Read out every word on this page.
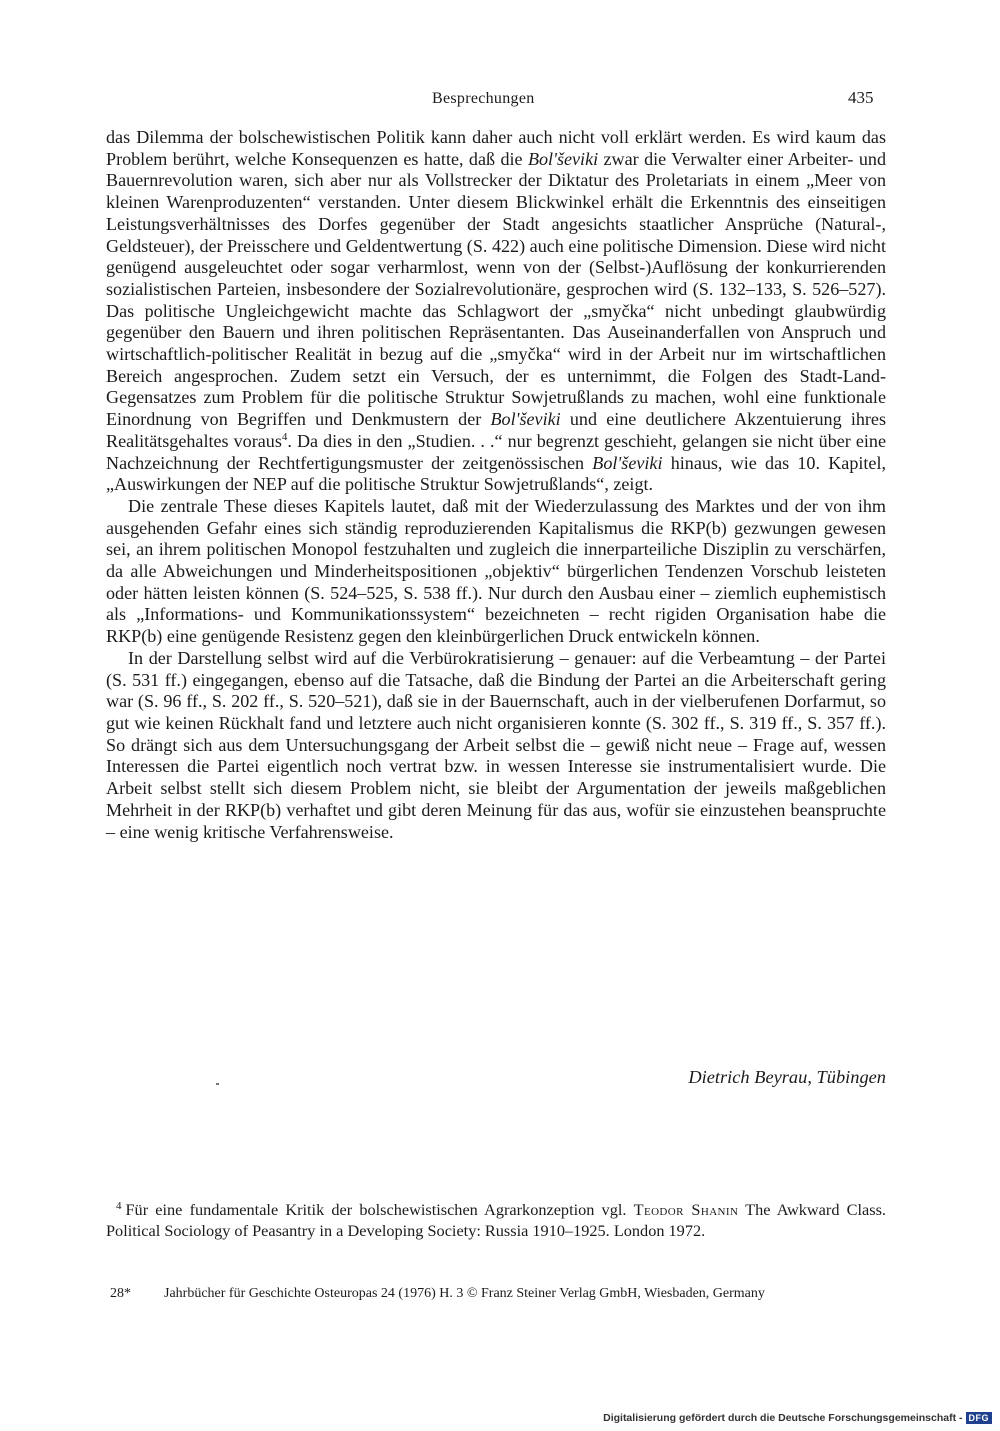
Besprechungen	435

das Dilemma der bolschewistischen Politik kann daher auch nicht voll erklärt werden. Es wird kaum das Problem berührt, welche Konsequenzen es hatte, daß die Bol'ševiki zwar die Verwalter einer Arbeiter- und Bauernrevolution waren, sich aber nur als Vollstrecker der Diktatur des Proletariats in einem „Meer von kleinen Warenproduzenten“ verstanden. Unter diesem Blickwinkel erhält die Erkenntnis des einseitigen Leistungsverhältnisses des Dorfes gegenüber der Stadt angesichts staatlicher Ansprüche (Natural-, Geldsteuer), der Preisschere und Geldentwertung (S. 422) auch eine politische Dimension. Diese wird nicht genügend ausgeleuchtet oder sogar verharmlost, wenn von der (Selbst-)Auflösung der konkurrierenden sozialistischen Parteien, insbesondere der Sozialrevolutionäre, gesprochen wird (S. 132–133, S. 526–527). Das politische Ungleichgewicht machte das Schlagwort der „smyčka“ nicht unbedingt glaubwürdig gegenüber den Bauern und ihren politischen Repräsentanten. Das Auseinanderfallen von Anspruch und wirtschaftlich-politischer Realität in bezug auf die „smyčka“ wird in der Arbeit nur im wirtschaftlichen Bereich angesprochen. Zudem setzt ein Versuch, der es unternimmt, die Folgen des Stadt-Land-Gegensatzes zum Problem für die politische Struktur Sowjetrußlands zu machen, wohl eine funktionale Einordnung von Begriffen und Denkmustern der Bol'ševiki und eine deutlichere Akzentuierung ihres Realitätsgehaltes voraus$^4$. Da dies in den „Studien. . .“ nur begrenzt geschieht, gelangen sie nicht über eine Nachzeichnung der Rechtfertigungsmuster der zeitgenössischen Bol'ševiki hinaus, wie das 10. Kapitel, „Auswirkungen der NEP auf die politische Struktur Sowjetrußlands“, zeigt.

Die zentrale These dieses Kapitels lautet, daß mit der Wiederzulassung des Marktes und der von ihm ausgehenden Gefahr eines sich ständig reproduzierenden Kapitalismus die RKP(b) gezwungen gewesen sei, an ihrem politischen Monopol festzuhalten und zugleich die innerparteiliche Disziplin zu verschärfen, da alle Abweichungen und Minderheitspositionen „objektiv“ bürgerlichen Tendenzen Vorschub leisteten oder hätten leisten können (S. 524–525, S. 538 ff.). Nur durch den Ausbau einer – ziemlich euphemistisch als „Informations- und Kommunikationssystem“ bezeichneten – recht rigiden Organisation habe die RKP(b) eine genügende Resistenz gegen den kleinbürgerlichen Druck entwickeln können.

In der Darstellung selbst wird auf die Verbürokratisierung – genauer: auf die Verbeamtung – der Partei (S. 531 ff.) eingegangen, ebenso auf die Tatsache, daß die Bindung der Partei an die Arbeiterschaft gering war (S. 96 ff., S. 202 ff., S. 520–521), daß sie in der Bauernschaft, auch in der vielberufenen Dorfarmut, so gut wie keinen Rückhalt fand und letztere auch nicht organisieren konnte (S. 302 ff., S. 319 ff., S. 357 ff.). So drängt sich aus dem Untersuchungsgang der Arbeit selbst die – gewiß nicht neue – Frage auf, wessen Interessen die Partei eigentlich noch vertrat bzw. in wessen Interesse sie instrumentalisiert wurde. Die Arbeit selbst stellt sich diesem Problem nicht, sie bleibt der Argumentation der jeweils maßgeblichen Mehrheit in der RKP(b) verhaftet und gibt deren Meinung für das aus, wofür sie einzustehen beanspruchte – eine wenig kritische Verfahrensweise.

Dietrich Beyrau, Tübingen

$^4$ Für eine fundamentale Kritik der bolschewistischen Agrarkonzeption vgl. Teodor Shanin The Awkward Class. Political Sociology of Peasantry in a Developing Society: Russia 1910–1925. London 1972.

28* Jahrbücher für Geschichte Osteuropas 24 (1976) H. 3 © Franz Steiner Verlag GmbH, Wiesbaden, Germany
Digitalisierung gefördert durch die Deutsche Forschungsgemeinschaft - DFG
